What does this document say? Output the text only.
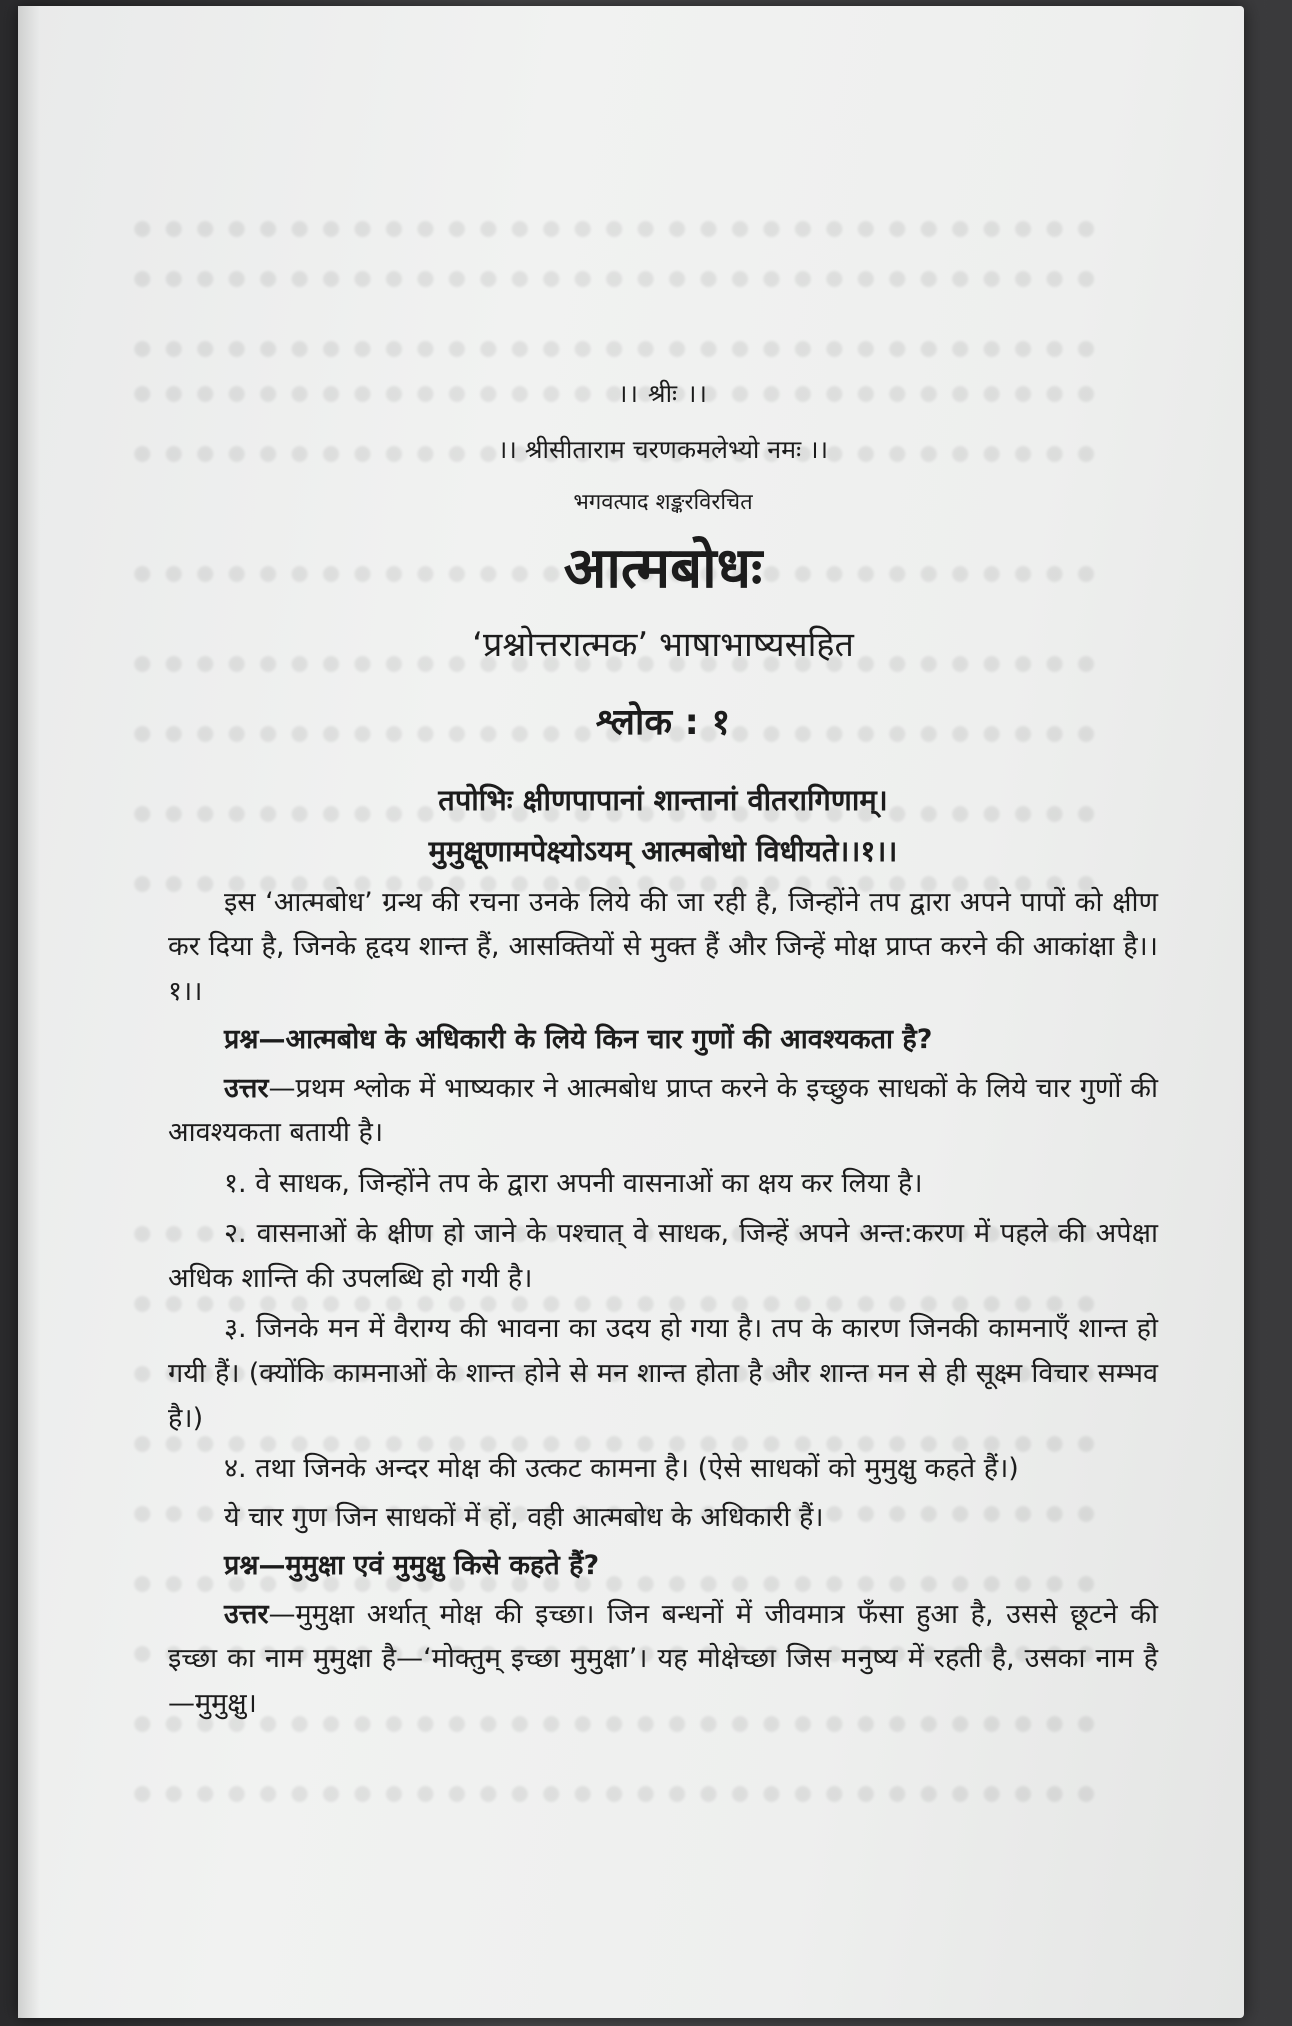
।। श्रीः ।।
।। श्रीसीताराम चरणकमलेभ्यो नमः ।।
भगवत्पाद शङ्करविरचित
आत्मबोधः
‘प्रश्नोत्तरात्मक’ भाषाभाष्यसहित
श्लोक : १
तपोभिः क्षीणपापानां शान्तानां वीतरागिणाम्।
मुमुक्षूणामपेक्ष्योऽयम् आत्मबोधो विधीयते।।१।।

इस ‘आत्मबोध’ ग्रन्थ की रचना उनके लिये की जा रही है, जिन्होंने तप द्वारा अपने पापों को क्षीण कर दिया है, जिनके हृदय शान्त हैं, आसक्तियों से मुक्त हैं और जिन्हें मोक्ष प्राप्त करने की आकांक्षा है।।१।।

प्रश्न—आत्मबोध के अधिकारी के लिये किन चार गुणों की आवश्यकता है?

उत्तर—प्रथम श्लोक में भाष्यकार ने आत्मबोध प्राप्त करने के इच्छुक साधकों के लिये चार गुणों की आवश्यकता बतायी है।

१. वे साधक, जिन्होंने तप के द्वारा अपनी वासनाओं का क्षय कर लिया है।

२. वासनाओं के क्षीण हो जाने के पश्चात् वे साधक, जिन्हें अपने अन्त:करण में पहले की अपेक्षा अधिक शान्ति की उपलब्धि हो गयी है।

३. जिनके मन में वैराग्य की भावना का उदय हो गया है। तप के कारण जिनकी कामनाएँ शान्त हो गयी हैं। (क्योंकि कामनाओं के शान्त होने से मन शान्त होता है और शान्त मन से ही सूक्ष्म विचार सम्भव है।)

४. तथा जिनके अन्दर मोक्ष की उत्कट कामना है। (ऐसे साधकों को मुमुक्षु कहते हैं।)

ये चार गुण जिन साधकों में हों, वही आत्मबोध के अधिकारी हैं।

प्रश्न—मुमुक्षा एवं मुमुक्षु किसे कहते हैं?

उत्तर—मुमुक्षा अर्थात् मोक्ष की इच्छा। जिन बन्धनों में जीवमात्र फँसा हुआ है, उससे छूटने की इच्छा का नाम मुमुक्षा है—‘मोक्तुम् इच्छा मुमुक्षा’। यह मोक्षेच्छा जिस मनुष्य में रहती है, उसका नाम है—मुमुक्षु।
